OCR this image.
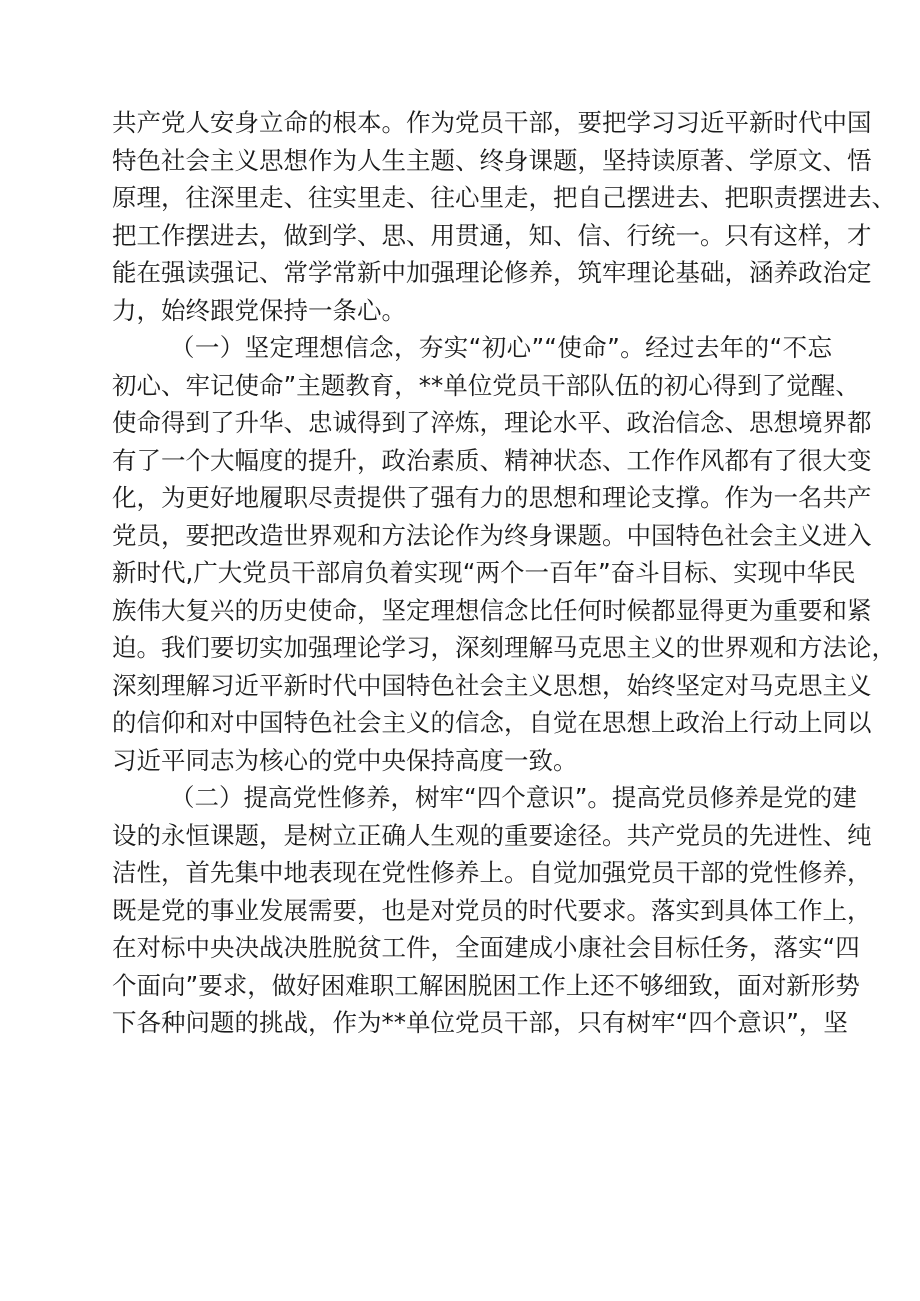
共产党人安身立命的根本。作为党员干部，要把学习习近平新时代中国
特色社会主义思想作为人生主题、终身课题，坚持读原著、学原文、悟
原理，往深里走、往实里走、往心里走，把自己摆进去、把职责摆进去、
把工作摆进去，做到学、思、用贯通，知、信、行统一。只有这样，才
能在强读强记、常学常新中加强理论修养，筑牢理论基础，涵养政治定
力，始终跟党保持一条心。
（一）坚定理想信念，夯实“初心”“使命”。经过去年的“不忘
初心、牢记使命”主题教育，**单位党员干部队伍的初心得到了觉醒、
使命得到了升华、忠诚得到了淬炼，理论水平、政治信念、思想境界都
有了一个大幅度的提升，政治素质、精神状态、工作作风都有了很大变
化，为更好地履职尽责提供了强有力的思想和理论支撑。作为一名共产
党员，要把改造世界观和方法论作为终身课题。中国特色社会主义进入
新时代,广大党员干部肩负着实现“两个一百年”奋斗目标、实现中华民
族伟大复兴的历史使命，坚定理想信念比任何时候都显得更为重要和紧
迫。我们要切实加强理论学习，深刻理解马克思主义的世界观和方法论，
深刻理解习近平新时代中国特色社会主义思想，始终坚定对马克思主义
的信仰和对中国特色社会主义的信念，自觉在思想上政治上行动上同以
习近平同志为核心的党中央保持高度一致。
（二）提高党性修养，树牢“四个意识”。提高党员修养是党的建
设的永恒课题，是树立正确人生观的重要途径。共产党员的先进性、纯
洁性，首先集中地表现在党性修养上。自觉加强党员干部的党性修养，
既是党的事业发展需要，也是对党员的时代要求。落实到具体工作上，
在对标中央决战决胜脱贫工件，全面建成小康社会目标任务，落实“四
个面向”要求，做好困难职工解困脱困工作上还不够细致，面对新形势
下各种问题的挑战，作为**单位党员干部，只有树牢“四个意识”，坚
